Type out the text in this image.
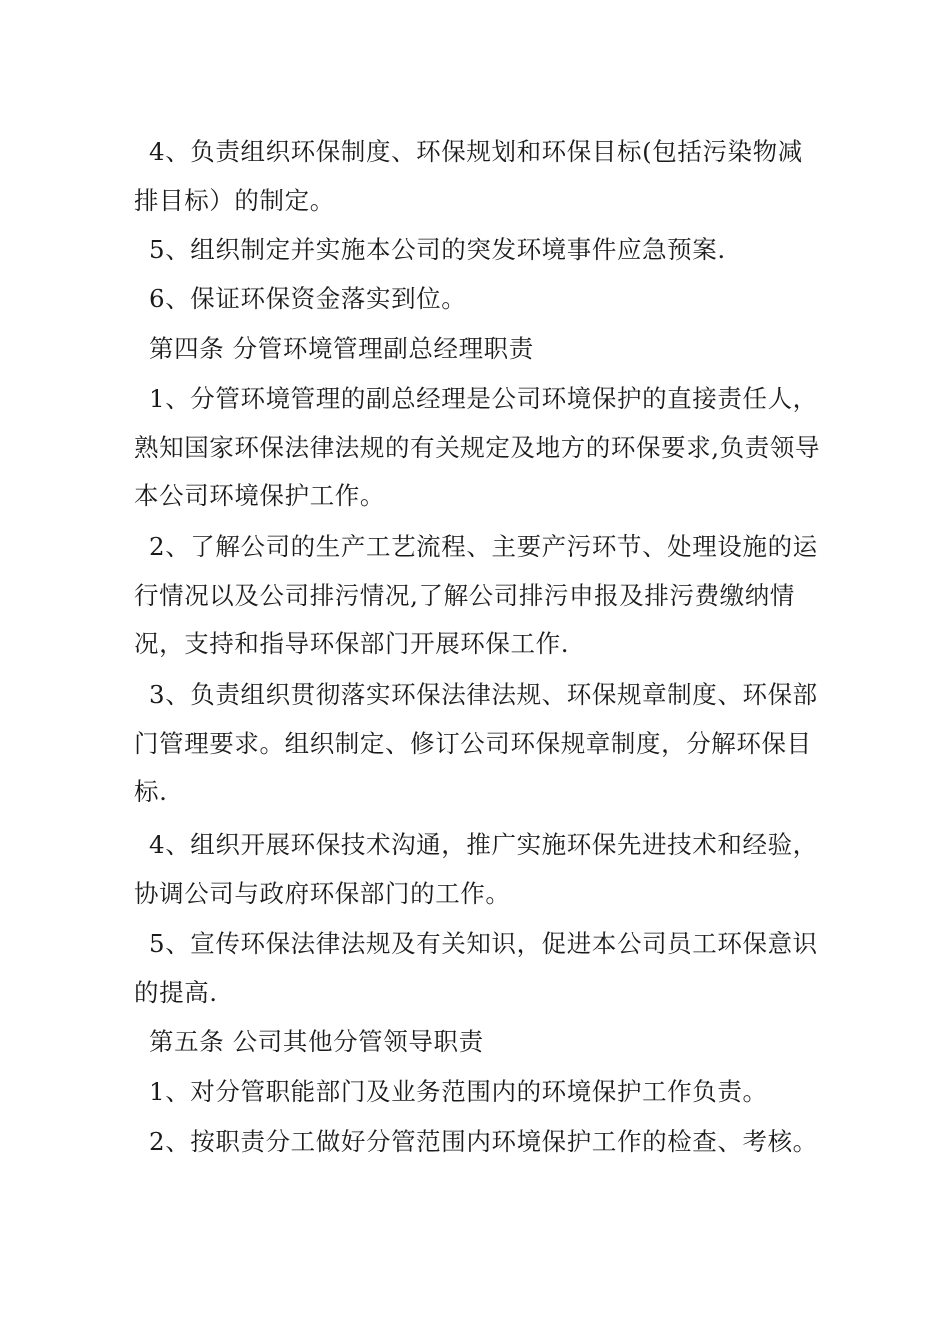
4、负责组织环保制度、环保规划和环保目标(包括污染物减排目标）的制定。

5、组织制定并实施本公司的突发环境事件应急预案.

6、保证环保资金落实到位。

第四条 分管环境管理副总经理职责

1、分管环境管理的副总经理是公司环境保护的直接责任人，熟知国家环保法律法规的有关规定及地方的环保要求,负责领导本公司环境保护工作。

2、了解公司的生产工艺流程、主要产污环节、处理设施的运行情况以及公司排污情况,了解公司排污申报及排污费缴纳情况，支持和指导环保部门开展环保工作.

3、负责组织贯彻落实环保法律法规、环保规章制度、环保部门管理要求。组织制定、修订公司环保规章制度，分解环保目标.

4、组织开展环保技术沟通，推广实施环保先进技术和经验，协调公司与政府环保部门的工作。

5、宣传环保法律法规及有关知识，促进本公司员工环保意识的提高.

第五条 公司其他分管领导职责

1、对分管职能部门及业务范围内的环境保护工作负责。

2、按职责分工做好分管范围内环境保护工作的检查、考核。
